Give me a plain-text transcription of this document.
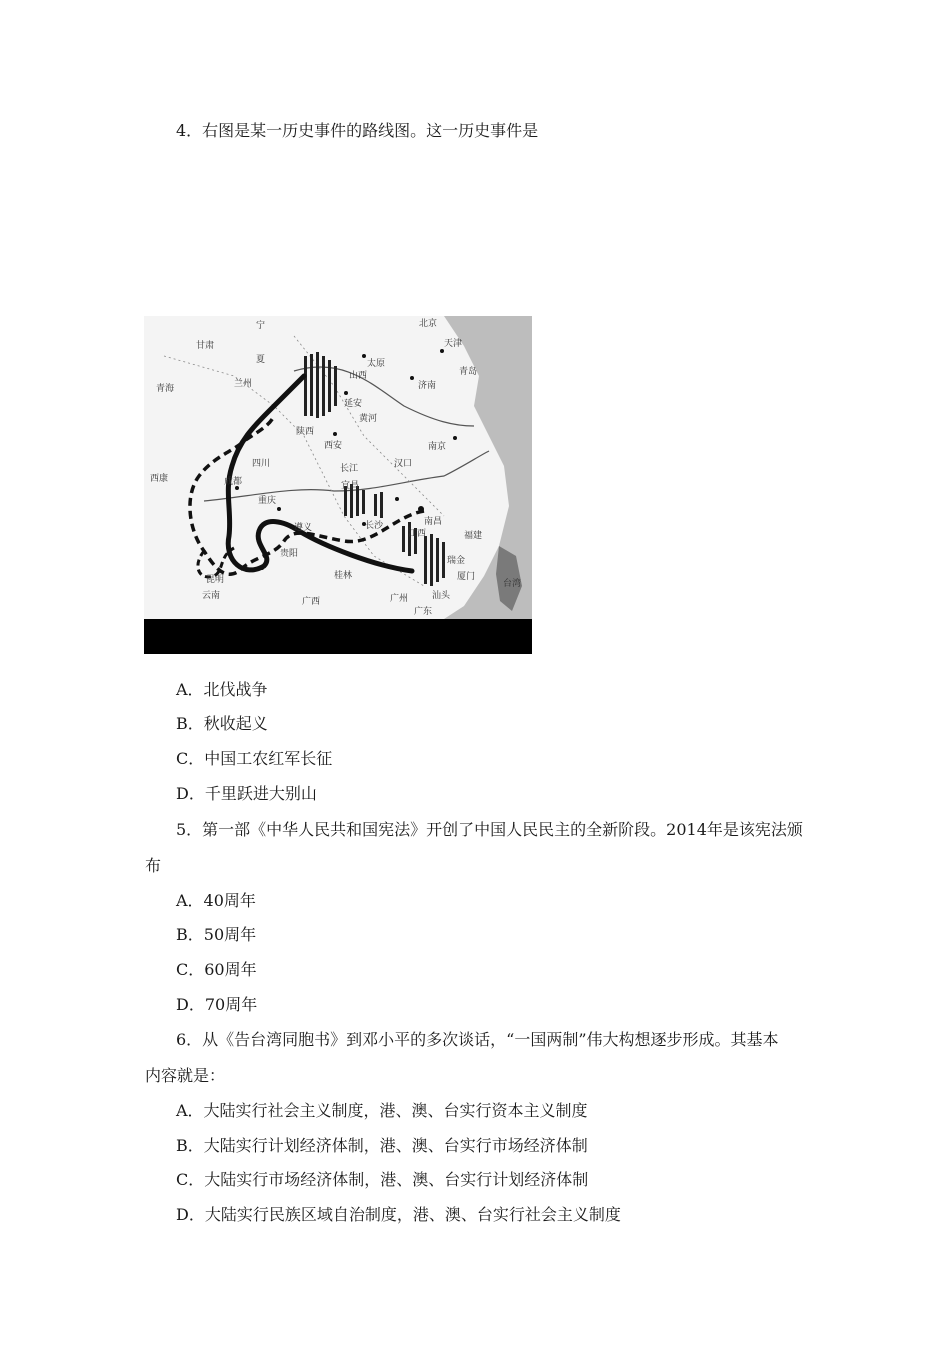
4．右图是某一历史事件的路线图。这一历史事件是
宁
夏
甘肃
兰州
青海
陕西
西安
延安
山西
太原
北京
天津
济南
青岛
黄河
南京
四川
成都
重庆
长江
宜昌
汉口
长沙	南昌
江西
瑞金
福建
厦门
西康
贵阳
遵义
桂林
广西	广州
广东
汕头
昆明
云南
台湾
A．北伐战争
B．秋收起义
C．中国工农红军长征
D．千里跃进大别山
5．第一部《中华人民共和国宪法》开创了中国人民民主的全新阶段。2014年是该宪法颁
布
A．40周年
B．50周年
C．60周年
D．70周年
6．从《告台湾同胞书》到邓小平的多次谈话，“一国两制”伟大构想逐步形成。其基本
内容就是：
A．大陆实行社会主义制度，港、澳、台实行资本主义制度
B．大陆实行计划经济体制，港、澳、台实行市场经济体制
C．大陆实行市场经济体制，港、澳、台实行计划经济体制
D．大陆实行民族区域自治制度，港、澳、台实行社会主义制度
